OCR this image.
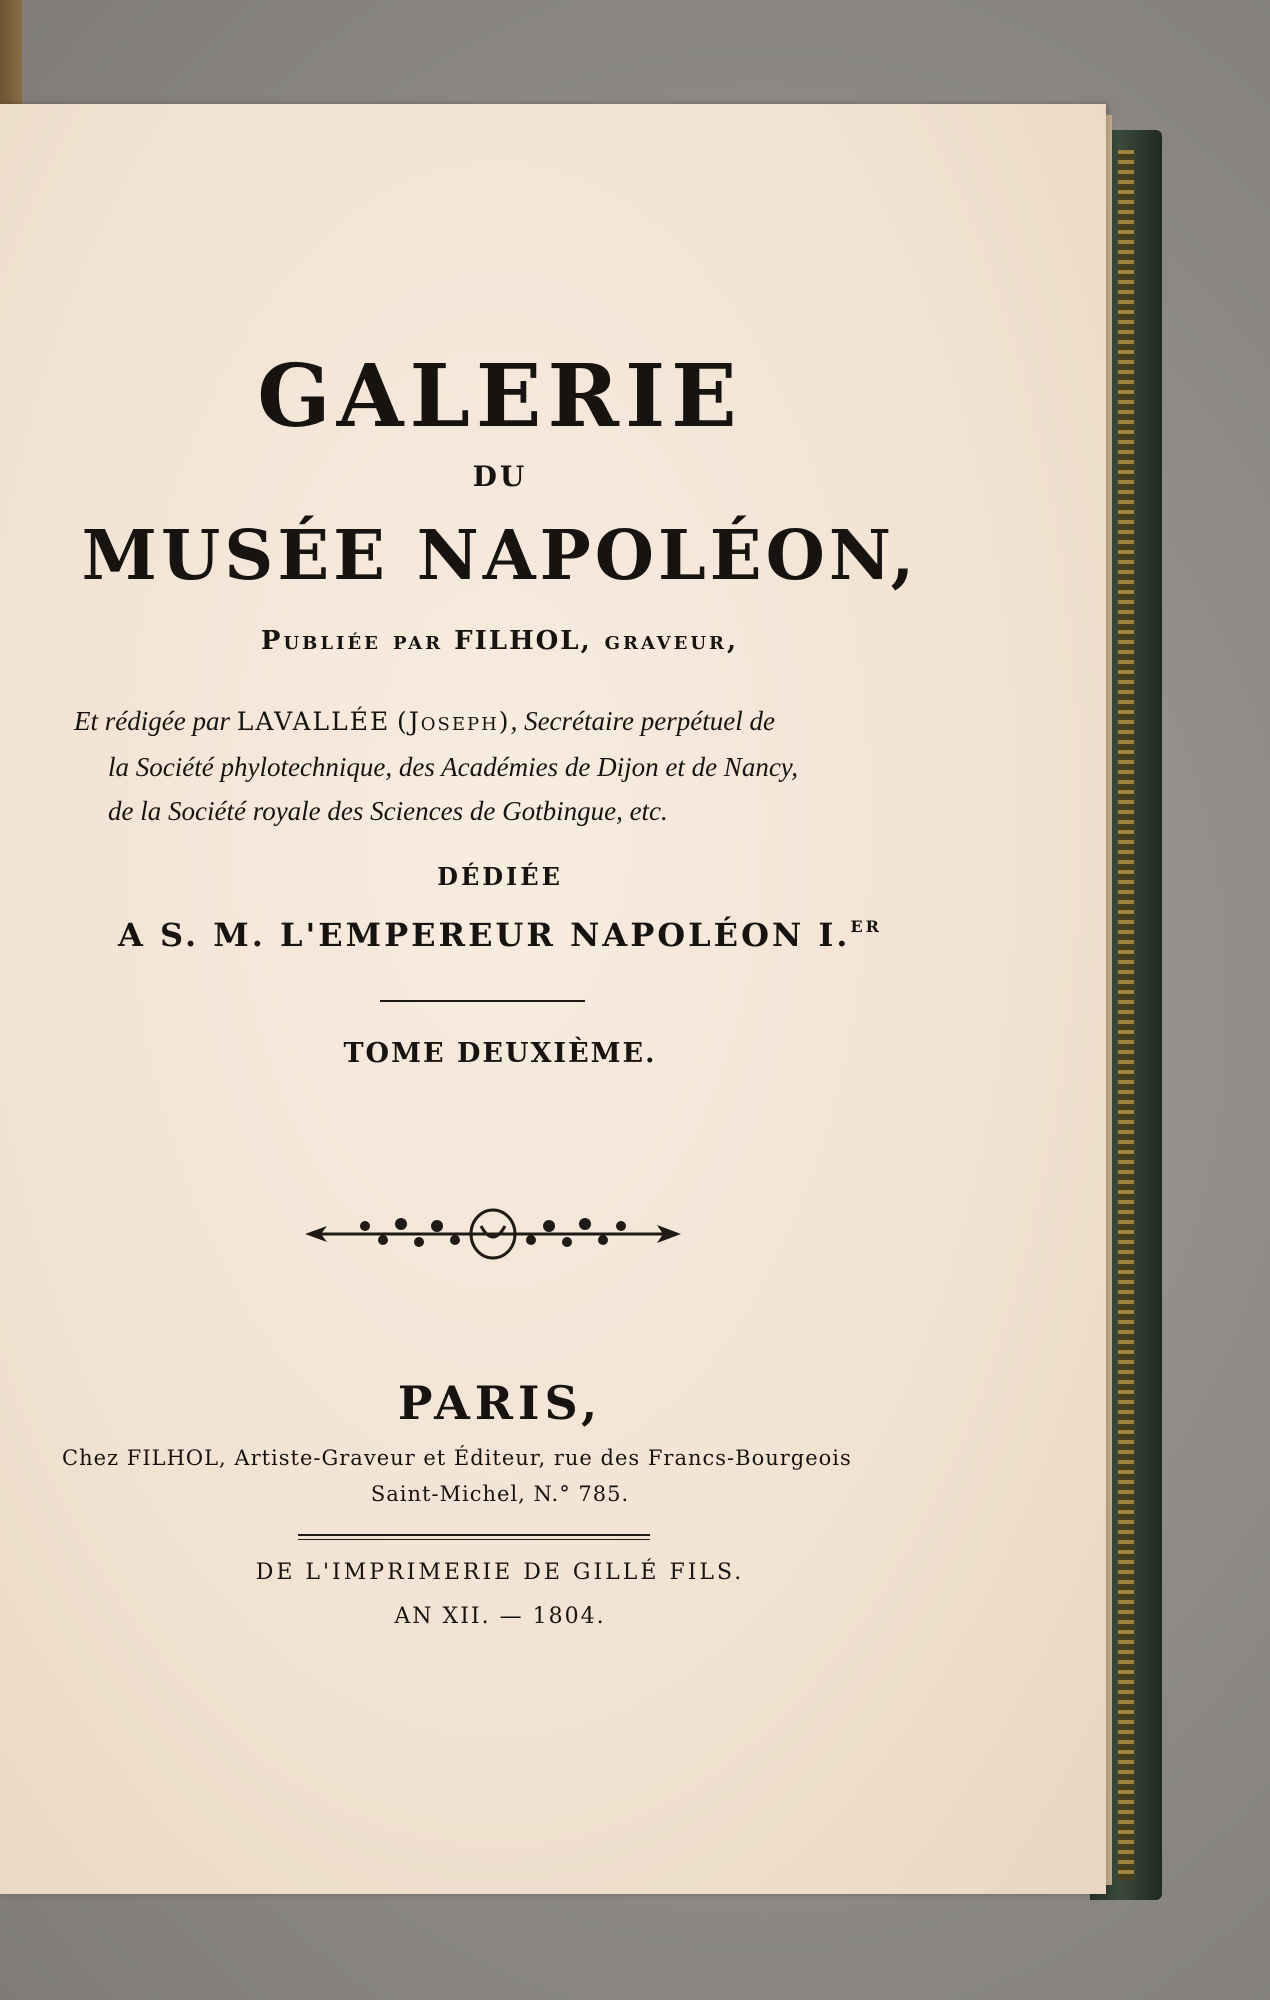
GALERIE
DU
MUSÉE NAPOLÉON,
Publiée par FILHOL, graveur,
Et rédigée par LAVALLÉE (Joseph), Secrétaire perpétuel de
la Société phylotechnique, des Académies de Dijon et de Nancy,
de la Société royale des Sciences de Gotbingue, etc.
DÉDIÉE
A S. M. L'EMPEREUR NAPOLÉON I.$^{ER}$
TOME DEUXIÈME.
PARIS,
Chez FILHOL, Artiste-Graveur et Éditeur, rue des Francs-Bourgeois
Saint-Michel, N.° 785.
DE L'IMPRIMERIE DE GILLÉ FILS.
AN XII. — 1804.
